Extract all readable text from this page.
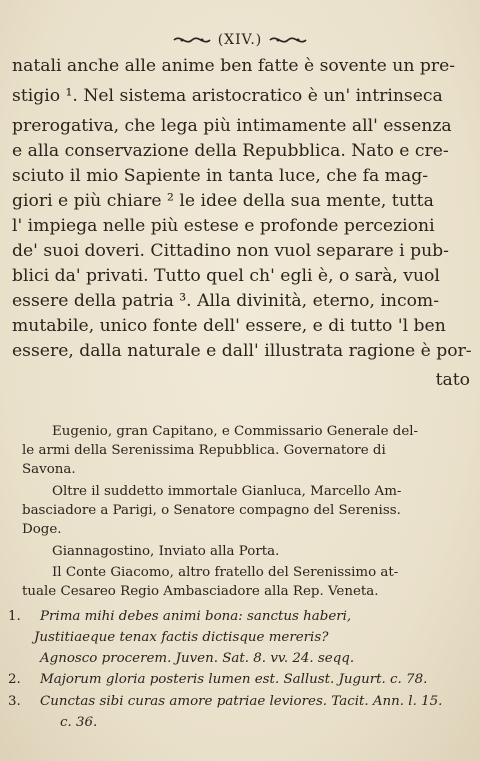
(XIV.)
natali anche alle anime ben fatte è sovente un pre-
stigio ¹. Nel sistema aristocratico è un' intrinseca
prerogativa, che lega più intimamente all' essenza
e alla conservazione della Repubblica. Nato e cre-
sciuto il mio Sapiente in tanta luce, che fa mag-
giori e più chiare ² le idee della sua mente, tutta
l' impiega nelle più estese e profonde percezioni
de' suoi doveri. Cittadino non vuol separare i pub-
blici da' privati. Tutto quel ch' egli è, o sarà, vuol
essere della patria ³. Alla divinità, eterno, incom-
mutabile, unico fonte dell' essere, e di tutto 'l ben
essere, dalla naturale e dall' illustrata ragione è por-
tato
Eugenio, gran Capitano, e Commissario Generale del-
le armi della Serenissima Repubblica. Governatore di
Savona.
Oltre il suddetto immortale Gianluca, Marcello Am-
basciadore a Parigi, o Senatore compagno del Sereniss.
Doge.
Giannagostino, Inviato alla Porta.
Il Conte Giacomo, altro fratello del Serenissimo at-
tuale Cesareo Regio Ambasciadore alla Rep. Veneta.
1. Prima mihi debes animi bona: sanctus haberi,
Justitiaeque tenax factis dictisque mereris?
Agnosco procerem. Juven. Sat. 8. vv. 24. seqq.
2. Majorum gloria posteris lumen est. Sallust. Jugurt. c. 78.
3. Cunctas sibi curas amore patriae leviores. Tacit. Ann. l. 15.
c. 36.
